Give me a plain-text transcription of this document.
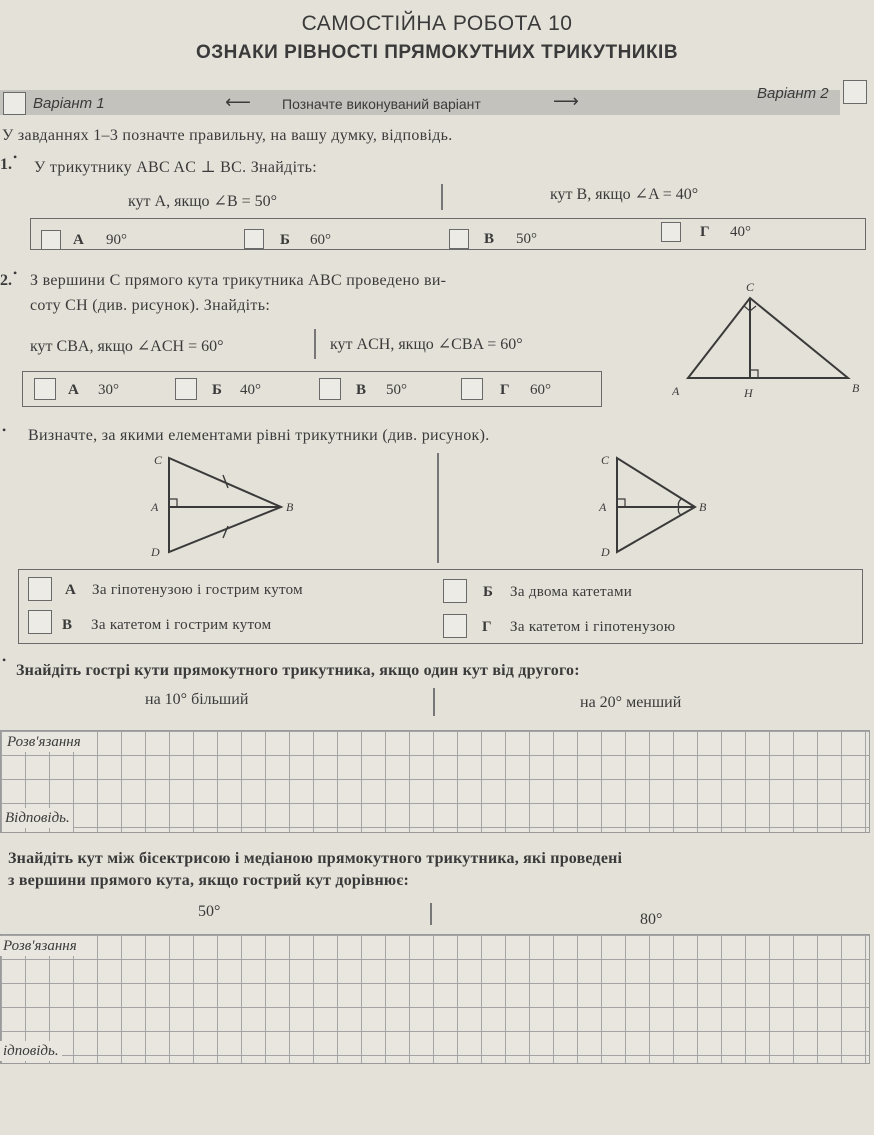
САМОСТІЙНА РОБОТА 10
ОЗНАКИ РІВНОСТІ ПРЯМОКУТНИХ ТРИКУТНИКІВ
Варіант 1	⟵ Позначте виконуваний варіант	⟶	Варіант 2
У завданнях 1–3 позначте правильну, на вашу думку, відповідь.
1. •
У трикутнику ABC AC ⊥ BC. Знайдіть:
кут A, якщо ∠B = 50°	кут B, якщо ∠A = 40°
А 90°	Б 60°	В 50°	Г 40°
2. • З вершини C прямого кута трикутника ABC проведено ви-
соту CH (див. рисунок). Знайдіть:
кут CBA, якщо ∠ACH = 60°	кут ACH, якщо ∠CBA = 60°
А 30°	Б 40°	В 50°	Г 60°
C
A	H	B
• Визначте, за якими елементами рівні трикутники (див. рисунок).
C
A	B
D
C
A	B
D
А За гіпотенузою і гострим кутом	Б За двома катетами
В За катетом і гострим кутом	Г За катетом і гіпотенузою
•
Знайдіть гострі кути прямокутного трикутника, якщо один кут від другого:
на 10° більший	на 20° менший
Розв'язання
Відповідь.
Знайдіть кут між бісектрисою і медіаною прямокутного трикутника, які проведені
з вершини прямого кута, якщо гострий кут дорівнює:
50°	80°
Розв'язання
ідповідь.
